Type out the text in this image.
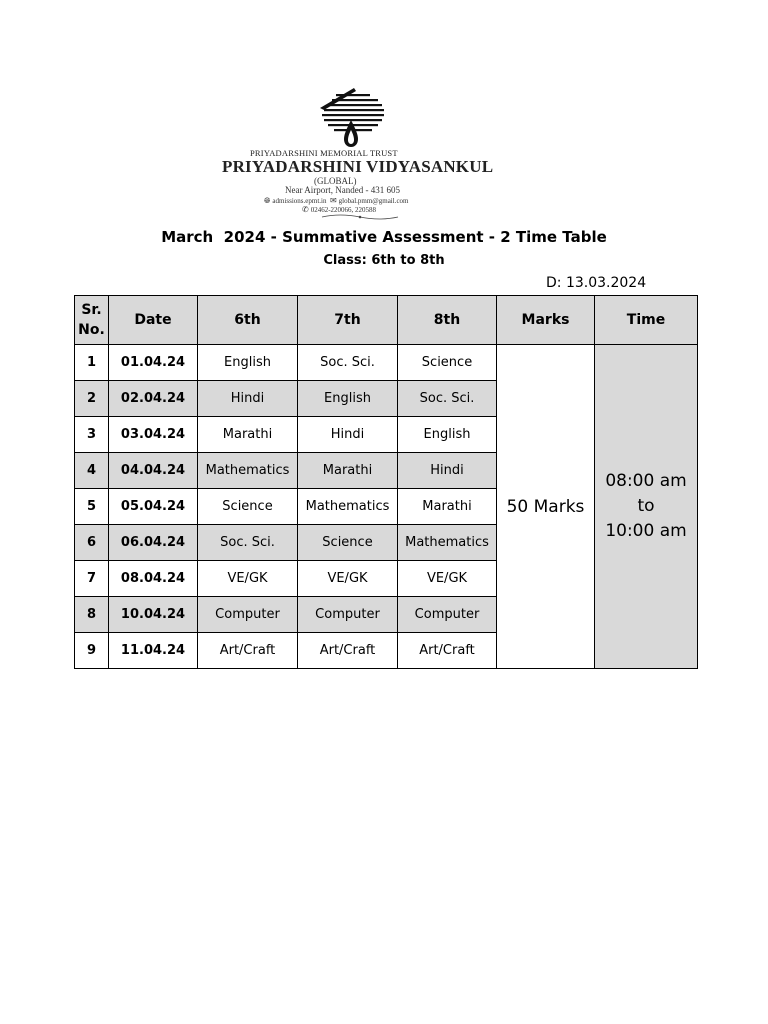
PRIYADARSHINI MEMORIAL TRUST
PRIYADARSHINI VIDYASANKUL
(GLOBAL)
Near Airport, Nanded - 431 605
🌐︎ admissions.epmt.in ✉ global.pmm@gmail.com
✆ 02462-220066, 220588
March  2024 - Summative Assessment - 2 Time Table
Class: 6th to 8th
D: 13.03.2024
Sr.
No.	Date	6th	7th	8th	Marks	Time
1	01.04.24	English	Soc. Sci.	Science	50 Marks	08:00 am
to
10:00 am

2	02.04.24	Hindi	English	Soc. Sci.		
3	03.04.24	Marathi	Hindi	English		
4	04.04.24	Mathematics	Marathi	Hindi		
5	05.04.24	Science	Mathematics	Marathi		
6	06.04.24	Soc. Sci.	Science	Mathematics		
7	08.04.24	VE/GK	VE/GK	VE/GK		
8	10.04.24	Computer	Computer	Computer		
9	11.04.24	Art/Craft	Art/Craft	Art/Craft		
